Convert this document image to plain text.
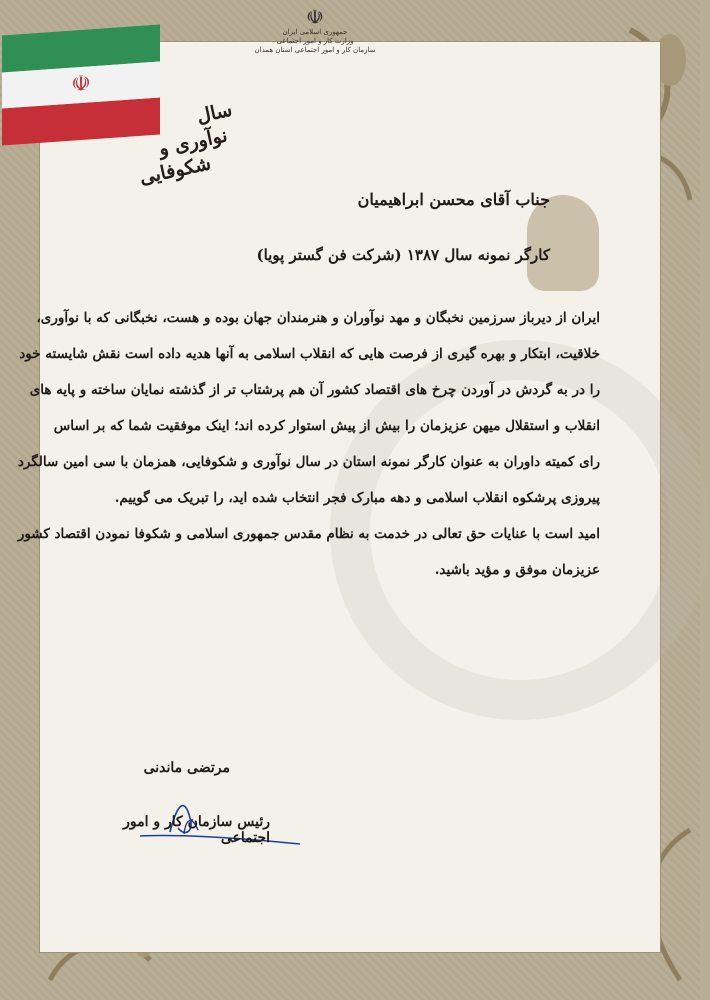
☫
☫
جمهوری اسلامی ایران
وزارت کار و امور اجتماعی
سازمان کار و امور اجتماعی استان همدان
سال
نوآوری و
شکوفایی
جناب آقای محسن ابراهیمیان
کارگر نمونه سال ۱۳۸۷ (شرکت فن گستر پویا)
ایران از دیرباز سرزمین نخبگان و مهد نوآوران و هنرمندان جهان بوده و هست، نخبگانی که با نوآوری،
خلاقیت، ابتکار و بهره گیری از فرصت هایی که انقلاب اسلامی به آنها هدیه داده است نقش شایسته خود
را در به گردش در آوردن چرخ های اقتصاد کشور آن هم پرشتاب تر از گذشته نمایان ساخته و پایه های
انقلاب و استقلال میهن عزیزمان را بیش از پیش استوار کرده اند؛ اینک موفقیت شما که بر اساس
رای کمیته داوران به عنوان کارگر نمونه استان در سال نوآوری و شکوفایی، همزمان با سی امین سالگرد
پیروزی پرشکوه انقلاب اسلامی و دهه مبارک فجر انتخاب شده اید، را تبریک می گوییم.
امید است با عنایات حق تعالی در خدمت به نظام مقدس جمهوری اسلامی و شکوفا نمودن اقتصاد کشور
عزیزمان موفق و مؤید باشید.
مرتضی ماندنی
رئیس سازمان کار و امور اجتماعی
